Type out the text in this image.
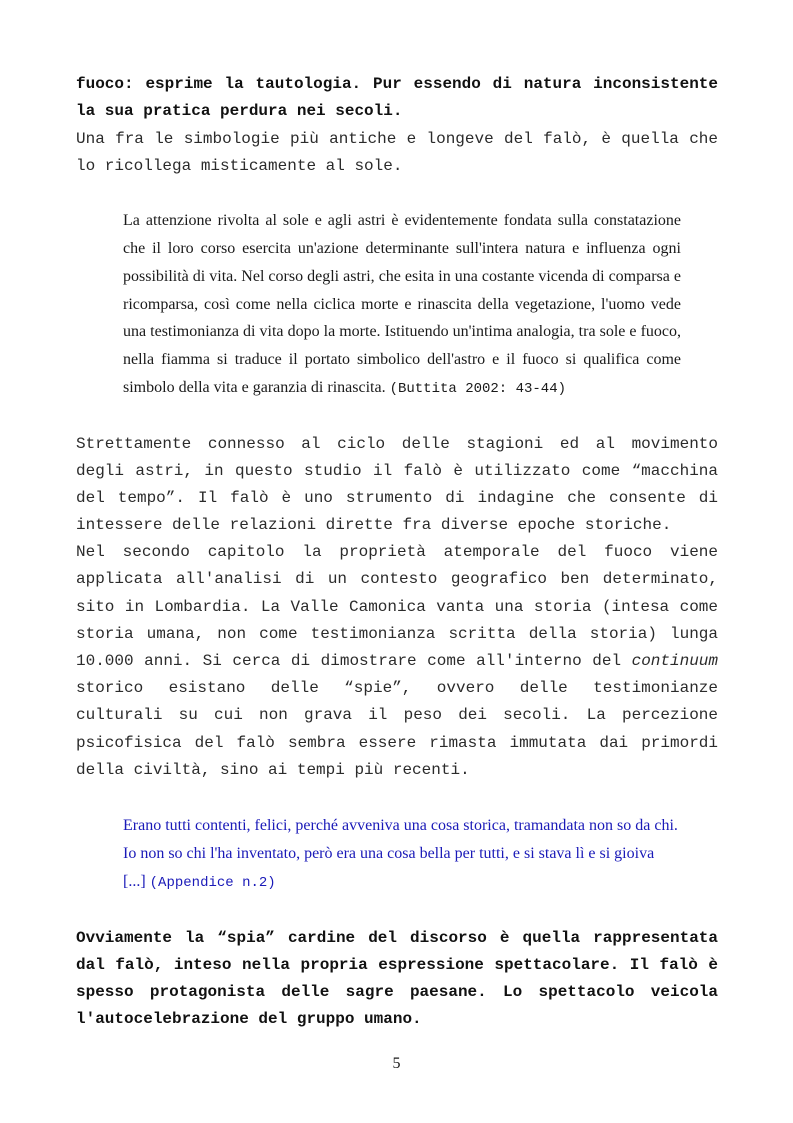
fuoco: esprime la tautologia. Pur essendo di natura inconsistente
la sua pratica perdura nei secoli.
Una fra le simbologie più antiche e longeve del falò, è quella che
lo ricollega misticamente al sole.
La attenzione rivolta al sole e agli astri è evidentemente fondata sulla constatazione
che il loro corso esercita un'azione determinante sull'intera natura e influenza ogni
possibilità di vita. Nel corso degli astri, che esita in una costante vicenda di comparsa e
ricomparsa, così come nella ciclica morte e rinascita della vegetazione, l'uomo vede
una testimonianza di vita dopo la morte. Istituendo un'intima analogia, tra sole e fuoco,
nella fiamma si traduce il portato simbolico dell'astro e il fuoco si qualifica come
simbolo della vita e garanzia di rinascita. (Buttita 2002: 43-44)
Strettamente connesso al ciclo delle stagioni ed al movimento
degli astri, in questo studio il falò è utilizzato come “macchina
del tempo”. Il falò è uno strumento di indagine che consente di
intessere delle relazioni dirette fra diverse epoche storiche.
Nel secondo capitolo la proprietà atemporale del fuoco viene
applicata all'analisi di un contesto geografico ben determinato,
sito in Lombardia. La Valle Camonica vanta una storia (intesa come
storia umana, non come testimonianza scritta della storia) lunga
10.000 anni. Si cerca di dimostrare come all'interno del continuum
storico esistano delle “spie”, ovvero delle testimonianze
culturali su cui non grava il peso dei secoli. La percezione
psicofisica del falò sembra essere rimasta immutata dai primordi
della civiltà, sino ai tempi più recenti.
Erano tutti contenti, felici, perché avveniva una cosa storica, tramandata non so da chi.
Io non so chi l'ha inventato, però era una cosa bella per tutti, e si stava lì e si gioiva
[...] (Appendice n.2)
Ovviamente la “spia” cardine del discorso è quella rappresentata
dal falò, inteso nella propria espressione spettacolare. Il falò è
spesso protagonista delle sagre paesane. Lo spettacolo veicola
l'autocelebrazione del gruppo umano.
5
